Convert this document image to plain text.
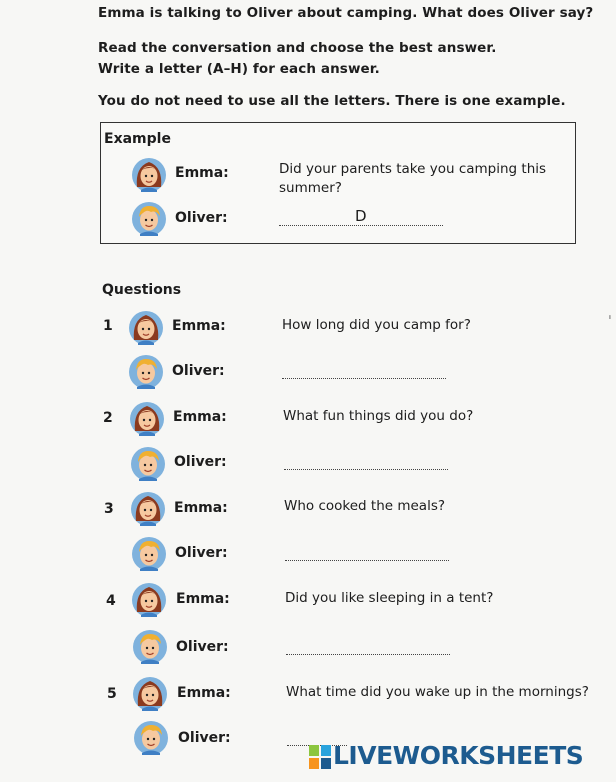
Emma is talking to Oliver about camping. What does Oliver say?
Read the conversation and choose the best answer.
Write a letter (A–H) for each answer.
You do not need to use all the letters. There is one example.
Example
Emma:	Did your parents take you camping this
summer?
Oliver:	D
Questions
1	Emma:	How long did you camp for?
Oliver:
2	Emma:	What fun things did you do?
Oliver:
3	Emma:	Who cooked the meals?
Oliver:
4	Emma:	Did you like sleeping in a tent?
Oliver:
5	Emma:	What time did you wake up in the mornings?
Oliver:
ˌ
LIVEWORKSHEETS
